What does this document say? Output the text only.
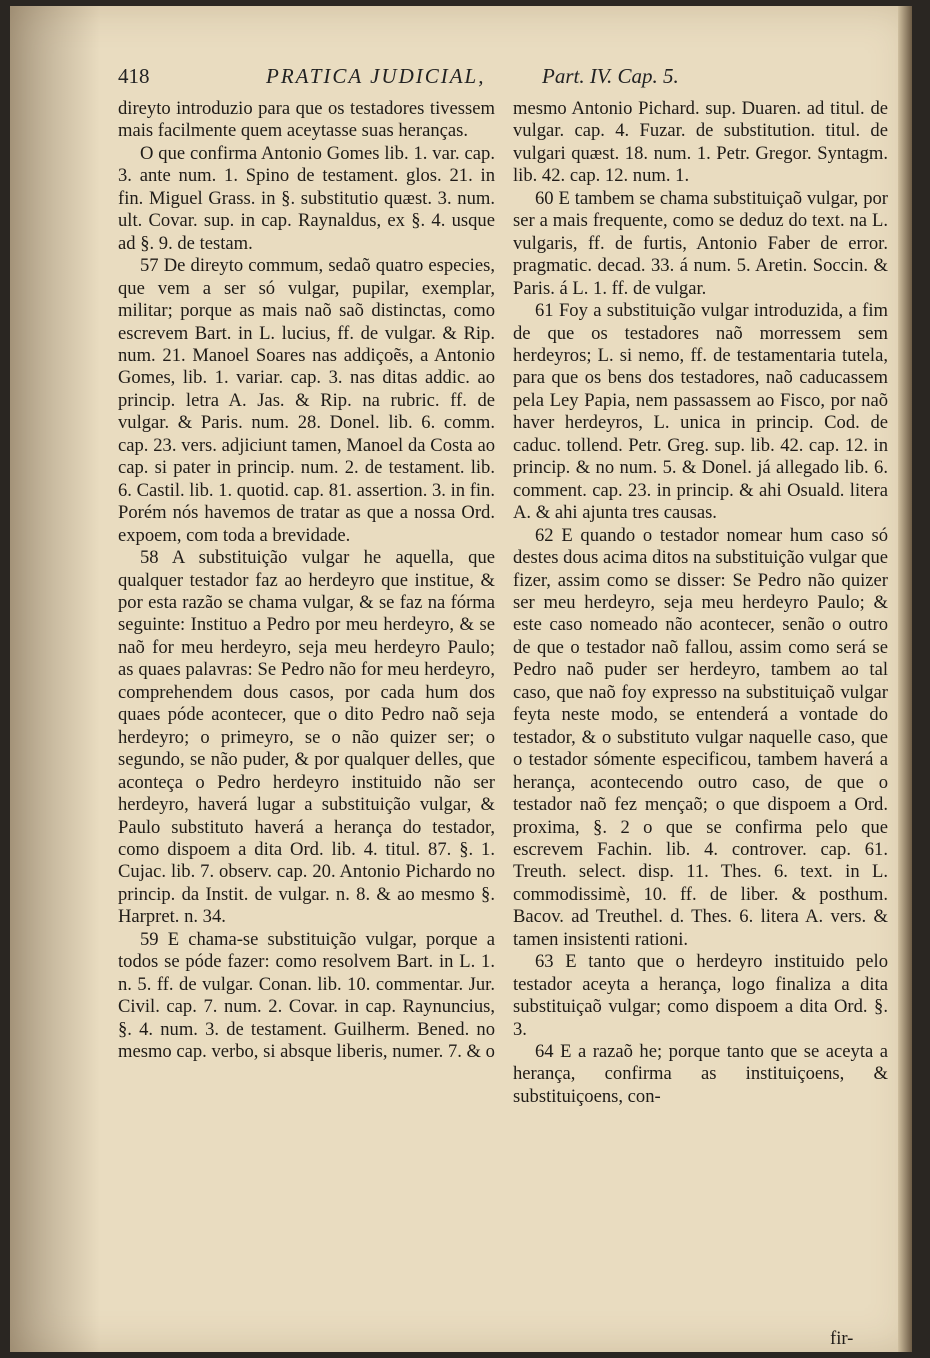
418	PRATICA JUDICIAL,	Part. IV. Cap. 5.

direyto introduzio para que os testadores tivessem mais facilmente quem aceytasse suas heranças.

O que confirma Antonio Gomes lib. 1. var. cap. 3. ante num. 1. Spino de testament. glos. 21. in fin. Miguel Grass. in §. substitutio quæst. 3. num. ult. Covar. sup. in cap. Raynaldus, ex §. 4. usque ad §. 9. de testam.

57 De direyto commum, sedaõ quatro especies, que vem a ser só vulgar, pupilar, exemplar, militar; porque as mais naõ saõ distinctas, como escrevem Bart. in L. lucius, ff. de vulgar. & Rip. num. 21. Manoel Soares nas addiçoẽs, a Antonio Gomes, lib. 1. variar. cap. 3. nas ditas addic. ao princip. letra A. Jas. & Rip. na rubric. ff. de vulgar. & Paris. num. 28. Donel. lib. 6. comm. cap. 23. vers. adjiciunt tamen, Manoel da Costa ao cap. si pater in princip. num. 2. de testament. lib. 6. Castil. lib. 1. quotid. cap. 81. assertion. 3. in fin. Porém nós havemos de tratar as que a nossa Ord. expoem, com toda a brevidade.

58 A substituição vulgar he aquella, que qualquer testador faz ao herdeyro que institue, & por esta razão se chama vulgar, & se faz na fórma seguinte: Instituo a Pedro por meu herdeyro, & se naõ for meu herdeyro, seja meu herdeyro Paulo; as quaes palavras: Se Pedro não for meu herdeyro, comprehendem dous casos, por cada hum dos quaes póde acontecer, que o dito Pedro naõ seja herdeyro; o primeyro, se o não quizer ser; o segundo, se não puder, & por qualquer delles, que aconteça o Pedro herdeyro instituido não ser herdeyro, haverá lugar a substituição vulgar, & Paulo substituto haverá a herança do testador, como dispoem a dita Ord. lib. 4. titul. 87. §. 1. Cujac. lib. 7. observ. cap. 20. Antonio Pichardo no princip. da Instit. de vulgar. n. 8. & ao mesmo §. Harpret. n. 34.

59 E chama-se substituição vulgar, porque a todos se póde fazer: como resolvem Bart. in L. 1. n. 5. ff. de vulgar. Conan. lib. 10. commentar. Jur. Civil. cap. 7. num. 2. Covar. in cap. Raynuncius, §. 4. num. 3. de testament. Guilherm. Bened. no mesmo cap. verbo, si absque liberis, numer. 7. & o

mesmo Antonio Pichard. sup. Duaren. ad titul. de vulgar. cap. 4. Fuzar. de substitution. titul. de vulgari quæst. 18. num. 1. Petr. Gregor. Syntagm. lib. 42. cap. 12. num. 1.

60 E tambem se chama substituiçaõ vulgar, por ser a mais frequente, como se deduz do text. na L. vulgaris, ff. de furtis, Antonio Faber de error. pragmatic. decad. 33. á num. 5. Aretin. Soccin. & Paris. á L. 1. ff. de vulgar.

61 Foy a substituição vulgar introduzida, a fim de que os testadores naõ morressem sem herdeyros; L. si nemo, ff. de testamentaria tutela, para que os bens dos testadores, naõ caducassem pela Ley Papia, nem passassem ao Fisco, por naõ haver herdeyros, L. unica in princip. Cod. de caduc. tollend. Petr. Greg. sup. lib. 42. cap. 12. in princip. & no num. 5. & Donel. já allegado lib. 6. comment. cap. 23. in princip. & ahi Osuald. litera A. & ahi ajunta tres causas.

62 E quando o testador nomear hum caso só destes dous acima ditos na substituição vulgar que fizer, assim como se disser: Se Pedro não quizer ser meu herdeyro, seja meu herdeyro Paulo; & este caso nomeado não acontecer, senão o outro de que o testador naõ fallou, assim como será se Pedro naõ puder ser herdeyro, tambem ao tal caso, que naõ foy expresso na substituiçaõ vulgar feyta neste modo, se entenderá a vontade do testador, & o substituto vulgar naquelle caso, que o testador sómente especificou, tambem haverá a herança, acontecendo outro caso, de que o testador naõ fez mençaõ; o que dispoem a Ord. proxima, §. 2 o que se confirma pelo que escrevem Fachin. lib. 4. controver. cap. 61. Treuth. select. disp. 11. Thes. 6. text. in L. commodissimè, 10. ff. de liber. & posthum. Bacov. ad Treuthel. d. Thes. 6. litera A. vers. & tamen insistenti rationi.

63 E tanto que o herdeyro instituido pelo testador aceyta a herança, logo finaliza a dita substituiçaõ vulgar; como dispoem a dita Ord. §. 3.

64 E a razaõ he; porque tanto que se aceyta a herança, confirma as instituiçoens, & substituiçoens, con-

fir-
